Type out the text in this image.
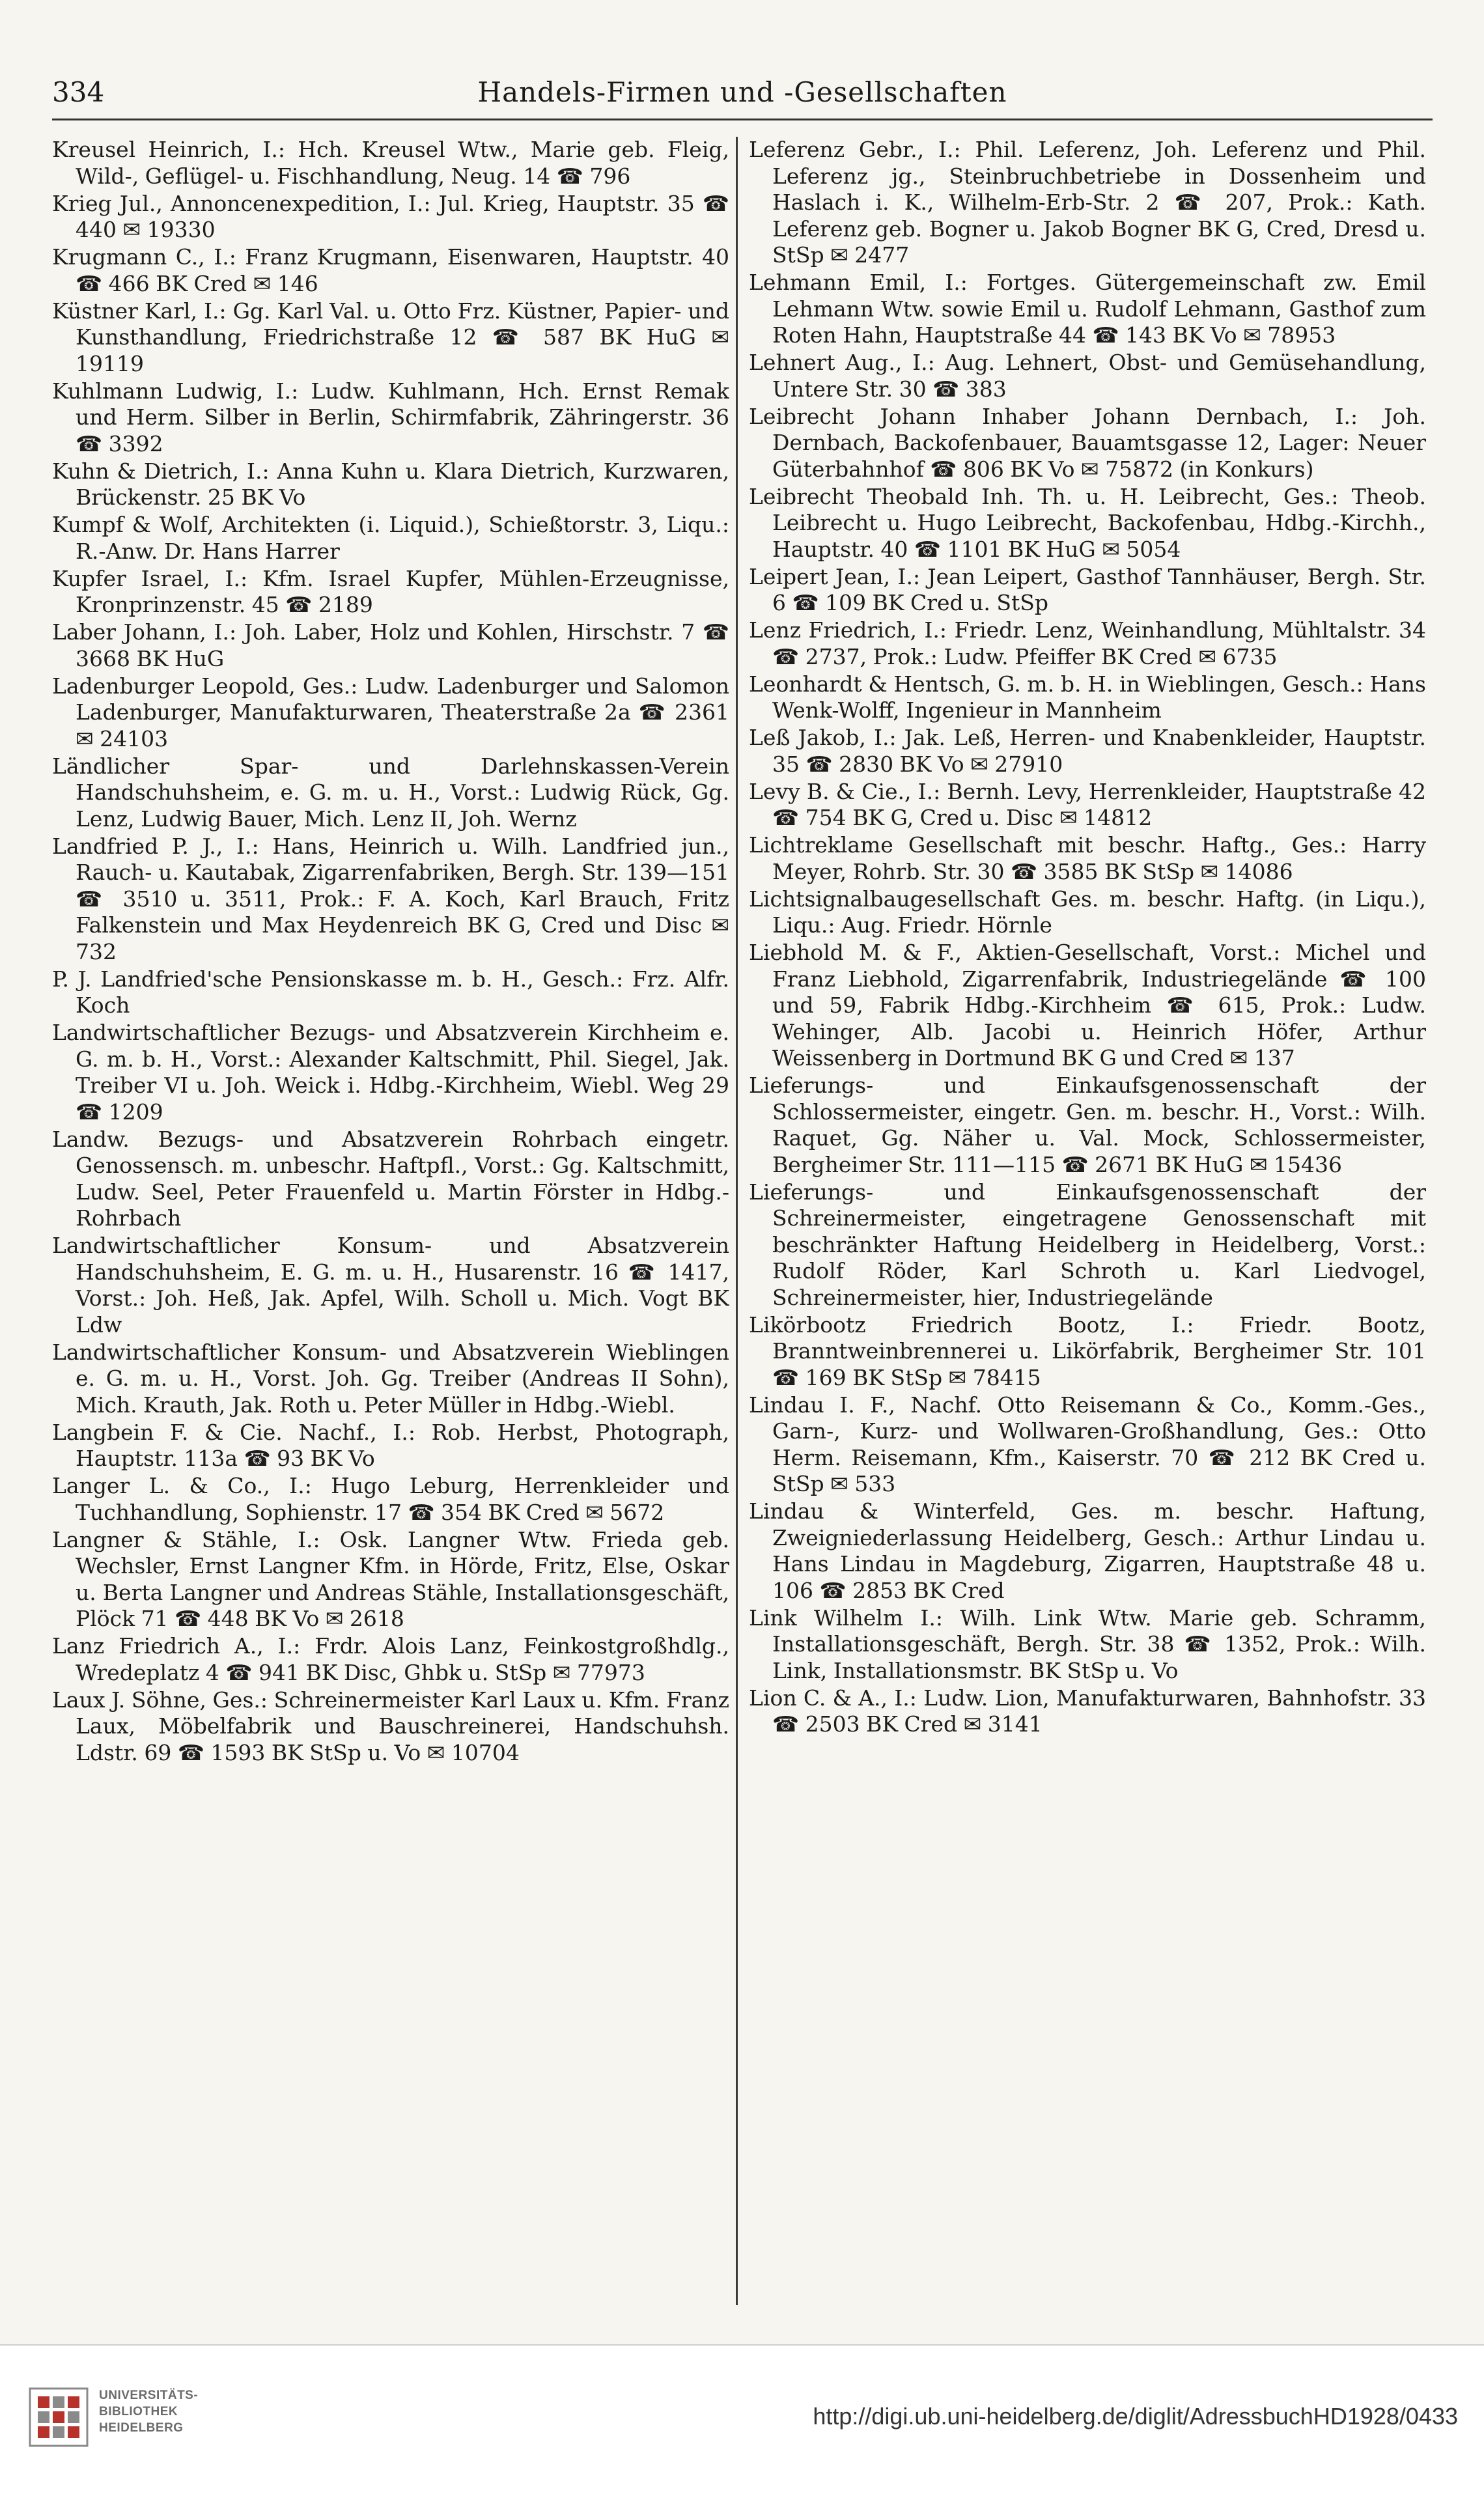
334	Handels-Firmen und -Gesellschaften

Kreusel Heinrich, I.: Hch. Kreusel Wtw., Marie geb. Fleig, Wild-, Geflügel- u. Fischhandlung, Neug. 14 ☎ 796

Krieg Jul., Annoncenexpedition, I.: Jul. Krieg, Hauptstr. 35 ☎ 440 ✉ 19330

Krugmann C., I.: Franz Krugmann, Eisenwaren, Hauptstr. 40 ☎ 466 BK Cred ✉ 146

Küstner Karl, I.: Gg. Karl Val. u. Otto Frz. Küstner, Papier- und Kunsthandlung, Friedrichstraße 12 ☎ 587 BK HuG ✉ 19119

Kuhlmann Ludwig, I.: Ludw. Kuhlmann, Hch. Ernst Remak und Herm. Silber in Berlin, Schirmfabrik, Zähringerstr. 36 ☎ 3392

Kuhn & Dietrich, I.: Anna Kuhn u. Klara Dietrich, Kurzwaren, Brückenstr. 25 BK Vo

Kumpf & Wolf, Architekten (i. Liquid.), Schießtorstr. 3, Liqu.: R.-Anw. Dr. Hans Harrer

Kupfer Israel, I.: Kfm. Israel Kupfer, Mühlen-Erzeugnisse, Kronprinzenstr. 45 ☎ 2189

Laber Johann, I.: Joh. Laber, Holz und Kohlen, Hirschstr. 7 ☎ 3668 BK HuG

Ladenburger Leopold, Ges.: Ludw. Ladenburger und Salomon Ladenburger, Manufakturwaren, Theaterstraße 2a ☎ 2361 ✉ 24103

Ländlicher Spar- und Darlehnskassen-Verein Handschuhsheim, e. G. m. u. H., Vorst.: Ludwig Rück, Gg. Lenz, Ludwig Bauer, Mich. Lenz II, Joh. Wernz

Landfried P. J., I.: Hans, Heinrich u. Wilh. Landfried jun., Rauch- u. Kautabak, Zigarrenfabriken, Bergh. Str. 139—151 ☎ 3510 u. 3511, Prok.: F. A. Koch, Karl Brauch, Fritz Falkenstein und Max Heydenreich BK G, Cred und Disc ✉ 732

P. J. Landfried'sche Pensionskasse m. b. H., Gesch.: Frz. Alfr. Koch

Landwirtschaftlicher Bezugs- und Absatzverein Kirchheim e. G. m. b. H., Vorst.: Alexander Kaltschmitt, Phil. Siegel, Jak. Treiber VI u. Joh. Weick i. Hdbg.-Kirchheim, Wiebl. Weg 29 ☎ 1209

Landw. Bezugs- und Absatzverein Rohrbach eingetr. Genossensch. m. unbeschr. Haftpfl., Vorst.: Gg. Kaltschmitt, Ludw. Seel, Peter Frauenfeld u. Martin Förster in Hdbg.-Rohrbach

Landwirtschaftlicher Konsum- und Absatzverein Handschuhsheim, E. G. m. u. H., Husarenstr. 16 ☎ 1417, Vorst.: Joh. Heß, Jak. Apfel, Wilh. Scholl u. Mich. Vogt BK Ldw

Landwirtschaftlicher Konsum- und Absatzverein Wieblingen e. G. m. u. H., Vorst. Joh. Gg. Treiber (Andreas II Sohn), Mich. Krauth, Jak. Roth u. Peter Müller in Hdbg.-Wiebl.

Langbein F. & Cie. Nachf., I.: Rob. Herbst, Photograph, Hauptstr. 113a ☎ 93 BK Vo

Langer L. & Co., I.: Hugo Leburg, Herrenkleider und Tuchhandlung, Sophienstr. 17 ☎ 354 BK Cred ✉ 5672

Langner & Stähle, I.: Osk. Langner Wtw. Frieda geb. Wechsler, Ernst Langner Kfm. in Hörde, Fritz, Else, Oskar u. Berta Langner und Andreas Stähle, Installationsgeschäft, Plöck 71 ☎ 448 BK Vo ✉ 2618

Lanz Friedrich A., I.: Frdr. Alois Lanz, Feinkostgroßhdlg., Wredeplatz 4 ☎ 941 BK Disc, Ghbk u. StSp ✉ 77973

Laux J. Söhne, Ges.: Schreinermeister Karl Laux u. Kfm. Franz Laux, Möbelfabrik und Bauschreinerei, Handschuhsh. Ldstr. 69 ☎ 1593 BK StSp u. Vo ✉ 10704

Leferenz Gebr., I.: Phil. Leferenz, Joh. Leferenz und Phil. Leferenz jg., Steinbruchbetriebe in Dossenheim und Haslach i. K., Wilhelm-Erb-Str. 2 ☎ 207, Prok.: Kath. Leferenz geb. Bogner u. Jakob Bogner BK G, Cred, Dresd u. StSp ✉ 2477

Lehmann Emil, I.: Fortges. Gütergemeinschaft zw. Emil Lehmann Wtw. sowie Emil u. Rudolf Lehmann, Gasthof zum Roten Hahn, Hauptstraße 44 ☎ 143 BK Vo ✉ 78953

Lehnert Aug., I.: Aug. Lehnert, Obst- und Gemüsehandlung, Untere Str. 30 ☎ 383

Leibrecht Johann Inhaber Johann Dernbach, I.: Joh. Dernbach, Backofenbauer, Bauamtsgasse 12, Lager: Neuer Güterbahnhof ☎ 806 BK Vo ✉ 75872 (in Konkurs)

Leibrecht Theobald Inh. Th. u. H. Leibrecht, Ges.: Theob. Leibrecht u. Hugo Leibrecht, Backofenbau, Hdbg.-Kirchh., Hauptstr. 40 ☎ 1101 BK HuG ✉ 5054

Leipert Jean, I.: Jean Leipert, Gasthof Tannhäuser, Bergh. Str. 6 ☎ 109 BK Cred u. StSp

Lenz Friedrich, I.: Friedr. Lenz, Weinhandlung, Mühltalstr. 34 ☎ 2737, Prok.: Ludw. Pfeiffer BK Cred ✉ 6735

Leonhardt & Hentsch, G. m. b. H. in Wieblingen, Gesch.: Hans Wenk-Wolff, Ingenieur in Mannheim

Leß Jakob, I.: Jak. Leß, Herren- und Knabenkleider, Hauptstr. 35 ☎ 2830 BK Vo ✉ 27910

Levy B. & Cie., I.: Bernh. Levy, Herrenkleider, Hauptstraße 42 ☎ 754 BK G, Cred u. Disc ✉ 14812

Lichtreklame Gesellschaft mit beschr. Haftg., Ges.: Harry Meyer, Rohrb. Str. 30 ☎ 3585 BK StSp ✉ 14086

Lichtsignalbaugesellschaft Ges. m. beschr. Haftg. (in Liqu.), Liqu.: Aug. Friedr. Hörnle

Liebhold M. & F., Aktien-Gesellschaft, Vorst.: Michel und Franz Liebhold, Zigarrenfabrik, Industriegelände ☎ 100 und 59, Fabrik Hdbg.-Kirchheim ☎ 615, Prok.: Ludw. Wehinger, Alb. Jacobi u. Heinrich Höfer, Arthur Weissenberg in Dortmund BK G und Cred ✉ 137

Lieferungs- und Einkaufsgenossenschaft der Schlossermeister, eingetr. Gen. m. beschr. H., Vorst.: Wilh. Raquet, Gg. Näher u. Val. Mock, Schlossermeister, Bergheimer Str. 111—115 ☎ 2671 BK HuG ✉ 15436

Lieferungs- und Einkaufsgenossenschaft der Schreinermeister, eingetragene Genossenschaft mit beschränkter Haftung Heidelberg in Heidelberg, Vorst.: Rudolf Röder, Karl Schroth u. Karl Liedvogel, Schreinermeister, hier, Industriegelände

Likörbootz Friedrich Bootz, I.: Friedr. Bootz, Branntweinbrennerei u. Likörfabrik, Bergheimer Str. 101 ☎ 169 BK StSp ✉ 78415

Lindau I. F., Nachf. Otto Reisemann & Co., Komm.-Ges., Garn-, Kurz- und Wollwaren-Großhandlung, Ges.: Otto Herm. Reisemann, Kfm., Kaiserstr. 70 ☎ 212 BK Cred u. StSp ✉ 533

Lindau & Winterfeld, Ges. m. beschr. Haftung, Zweigniederlassung Heidelberg, Gesch.: Arthur Lindau u. Hans Lindau in Magdeburg, Zigarren, Hauptstraße 48 u. 106 ☎ 2853 BK Cred

Link Wilhelm I.: Wilh. Link Wtw. Marie geb. Schramm, Installationsgeschäft, Bergh. Str. 38 ☎ 1352, Prok.: Wilh. Link, Installationsmstr. BK StSp u. Vo

Lion C. & A., I.: Ludw. Lion, Manufakturwaren, Bahnhofstr. 33 ☎ 2503 BK Cred ✉ 3141

UNIVERSITÄTS-
BIBLIOTHEK
HEIDELBERG	http://digi.ub.uni-heidelberg.de/diglit/AdressbuchHD1928/0433
